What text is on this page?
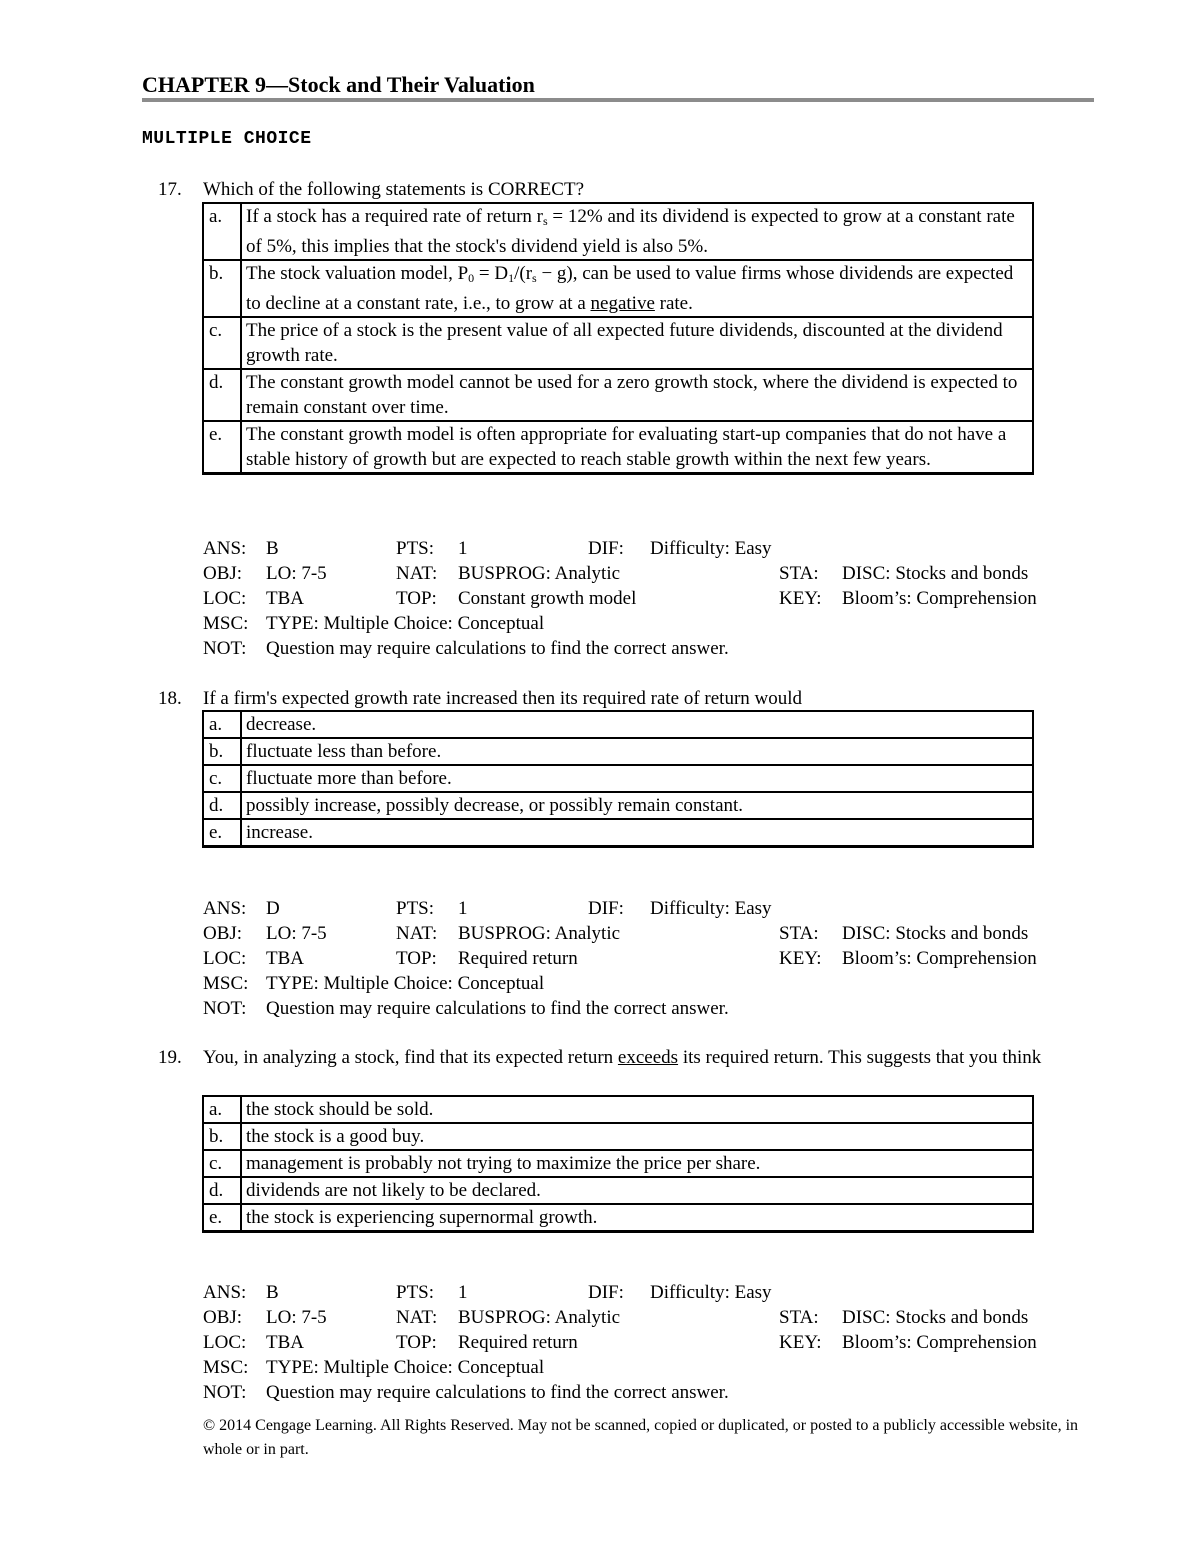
CHAPTER 9—Stock and Their Valuation
MULTIPLE CHOICE
17. Which of the following statements is CORRECT?
a.	If a stock has a required rate of return $r_s = 12\%$ and its dividend is expected to grow at a constant rate of 5%, this implies that the stock's dividend yield is also 5%.
b.	The stock valuation model, $P_0 = D_1/(r_s - g)$, can be used to value firms whose dividends are expected to decline at a constant rate, i.e., to grow at a negative rate.
c.	The price of a stock is the present value of all expected future dividends, discounted at the dividend growth rate.
d.	The constant growth model cannot be used for a zero growth stock, where the dividend is expected to remain constant over time.
e.	The constant growth model is often appropriate for evaluating start-up companies that do not have a stable history of growth but are expected to reach stable growth within the next few years.
ANS: B	PTS: 1	DIF: Difficulty: Easy
OBJ: LO: 7-5	NAT: BUSPROG: Analytic	STA: DISC: Stocks and bonds
LOC: TBA	TOP: Constant growth model	KEY: Bloom’s: Comprehension
MSC: TYPE: Multiple Choice: Conceptual
NOT: Question may require calculations to find the correct answer.
18. If a firm's expected growth rate increased then its required rate of return would
a.	decrease.
b.	fluctuate less than before.
c.	fluctuate more than before.
d.	possibly increase, possibly decrease, or possibly remain constant.
e.	increase.
ANS: D	PTS: 1	DIF: Difficulty: Easy
OBJ: LO: 7-5	NAT: BUSPROG: Analytic	STA: DISC: Stocks and bonds
LOC: TBA	TOP: Required return	KEY: Bloom’s: Comprehension
MSC: TYPE: Multiple Choice: Conceptual
NOT: Question may require calculations to find the correct answer.
19. You, in analyzing a stock, find that its expected return exceeds its required return. This suggests that you think
a.	the stock should be sold.
b.	the stock is a good buy.
c.	management is probably not trying to maximize the price per share.
d.	dividends are not likely to be declared.
e.	the stock is experiencing supernormal growth.
ANS: B	PTS: 1	DIF: Difficulty: Easy
OBJ: LO: 7-5	NAT: BUSPROG: Analytic	STA: DISC: Stocks and bonds
LOC: TBA	TOP: Required return	KEY: Bloom’s: Comprehension
MSC: TYPE: Multiple Choice: Conceptual
NOT: Question may require calculations to find the correct answer.
© 2014 Cengage Learning. All Rights Reserved. May not be scanned, copied or duplicated, or posted to a publicly accessible website, in whole or in part.
